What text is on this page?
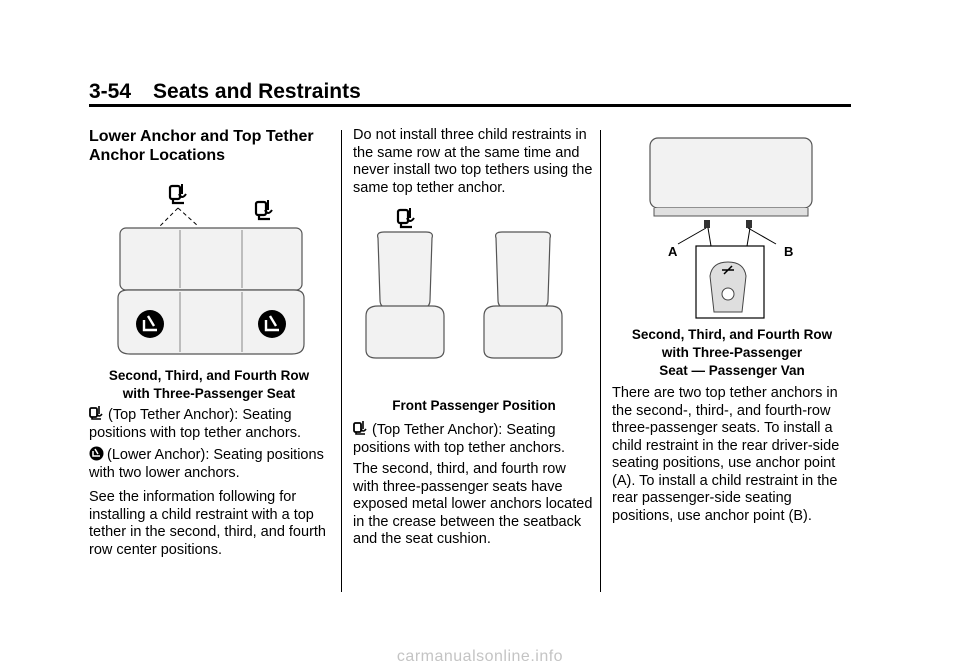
3-54 Seats and Restraints
Lower Anchor and Top Tether Anchor Locations
Second, Third, and Fourth Row
with Three-Passenger Seat
(Top Tether Anchor): Seating positions with top tether anchors.
(Lower Anchor): Seating positions with two lower anchors.
See the information following for installing a child restraint with a top tether in the second, third, and fourth row center positions.
Do not install three child restraints in the same row at the same time and never install two top tethers using the same top tether anchor.
Front Passenger Position
(Top Tether Anchor): Seating positions with top tether anchors.
The second, third, and fourth row with three-passenger seats have exposed metal lower anchors located in the crease between the seatback and the seat cushion.
A	B
Second, Third, and Fourth Row
with Three-Passenger
Seat — Passenger Van
There are two top tether anchors in the second-, third-, and fourth-row three-passenger seats. To install a child restraint in the rear driver-side seating positions, use anchor point (A). To install a child restraint in the rear passenger-side seating positions, use anchor point (B).
carmanualsonline.info
